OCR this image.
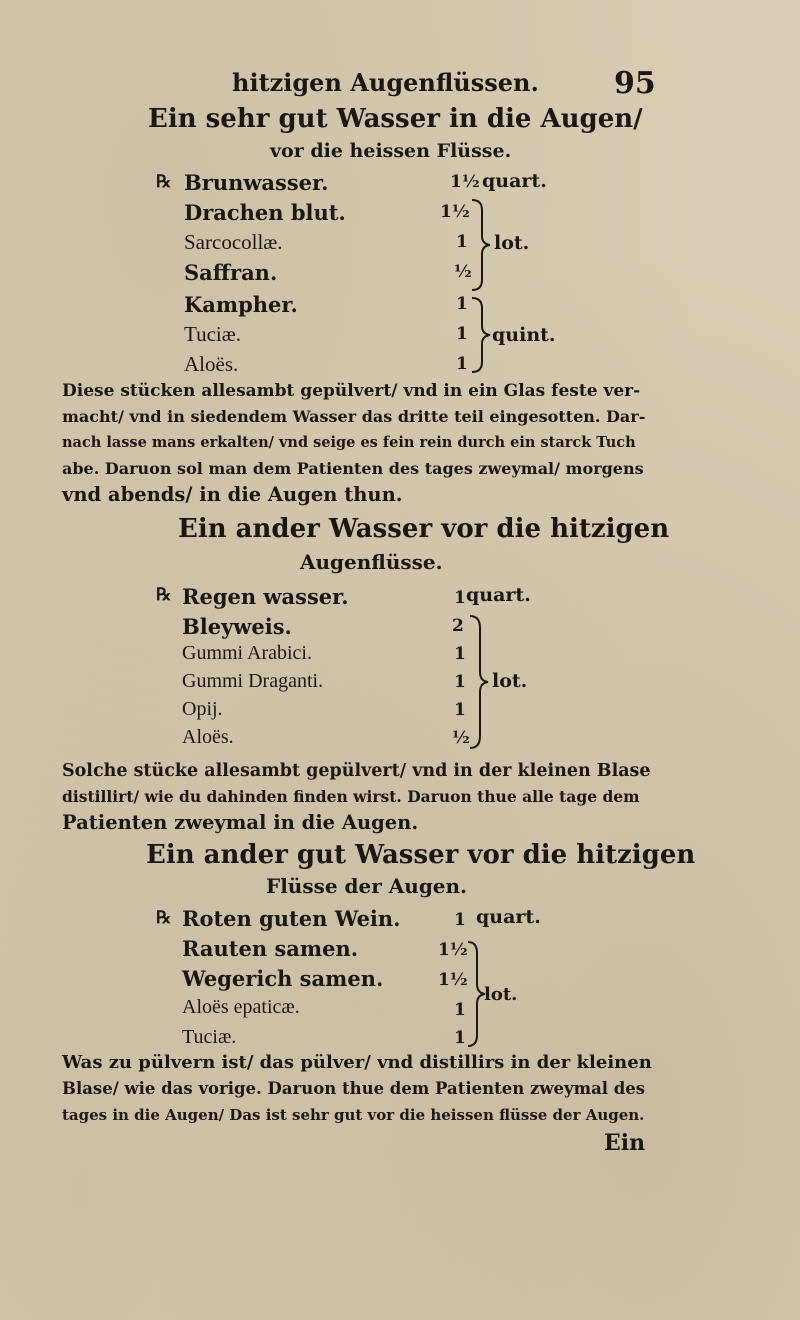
hitzigen Augenflüssen.	95
Ein sehr gut Wasser in die Augen/
vor die heissen Flüsse.
℞ Brunwasser.
Drachen blut.
Sarcocollæ.
Saffran.
Kampher.
Tuciæ.
Aloës.
1½
1½
1
½
1
1
1
quart.
lot.
quint.
Diese stücken allesambt gepülvert/ vnd in ein Glas feste ver-
macht/ vnd in siedendem Wasser das dritte teil eingesotten. Dar-
nach lasse mans erkalten/ vnd seige es fein rein durch ein starck Tuch
abe. Daruon sol man dem Patienten des tages zweymal/ morgens
vnd abends/ in die Augen thun.
Ein ander Wasser vor die hitzigen
Augenflüsse.
℞ Regen wasser.
Bleyweis.
Gummi Arabici.
Gummi Draganti.
Opij.
Aloës.
1
2
1
1
1
½
quart.
lot.
Solche stücke allesambt gepülvert/ vnd in der kleinen Blase
distillirt/ wie du dahinden finden wirst. Daruon thue alle tage dem
Patienten zweymal in die Augen.
Ein ander gut Wasser vor die hitzigen
Flüsse der Augen.
℞ Roten guten Wein.
Rauten samen.
Wegerich samen.
Aloës epaticæ.
Tuciæ.
1
1½
1½
1
1
quart.
lot.
Was zu pülvern ist/ das pülver/ vnd distillirs in der kleinen
Blase/ wie das vorige. Daruon thue dem Patienten zweymal des
tages in die Augen/ Das ist sehr gut vor die heissen flüsse der Augen.
Ein
